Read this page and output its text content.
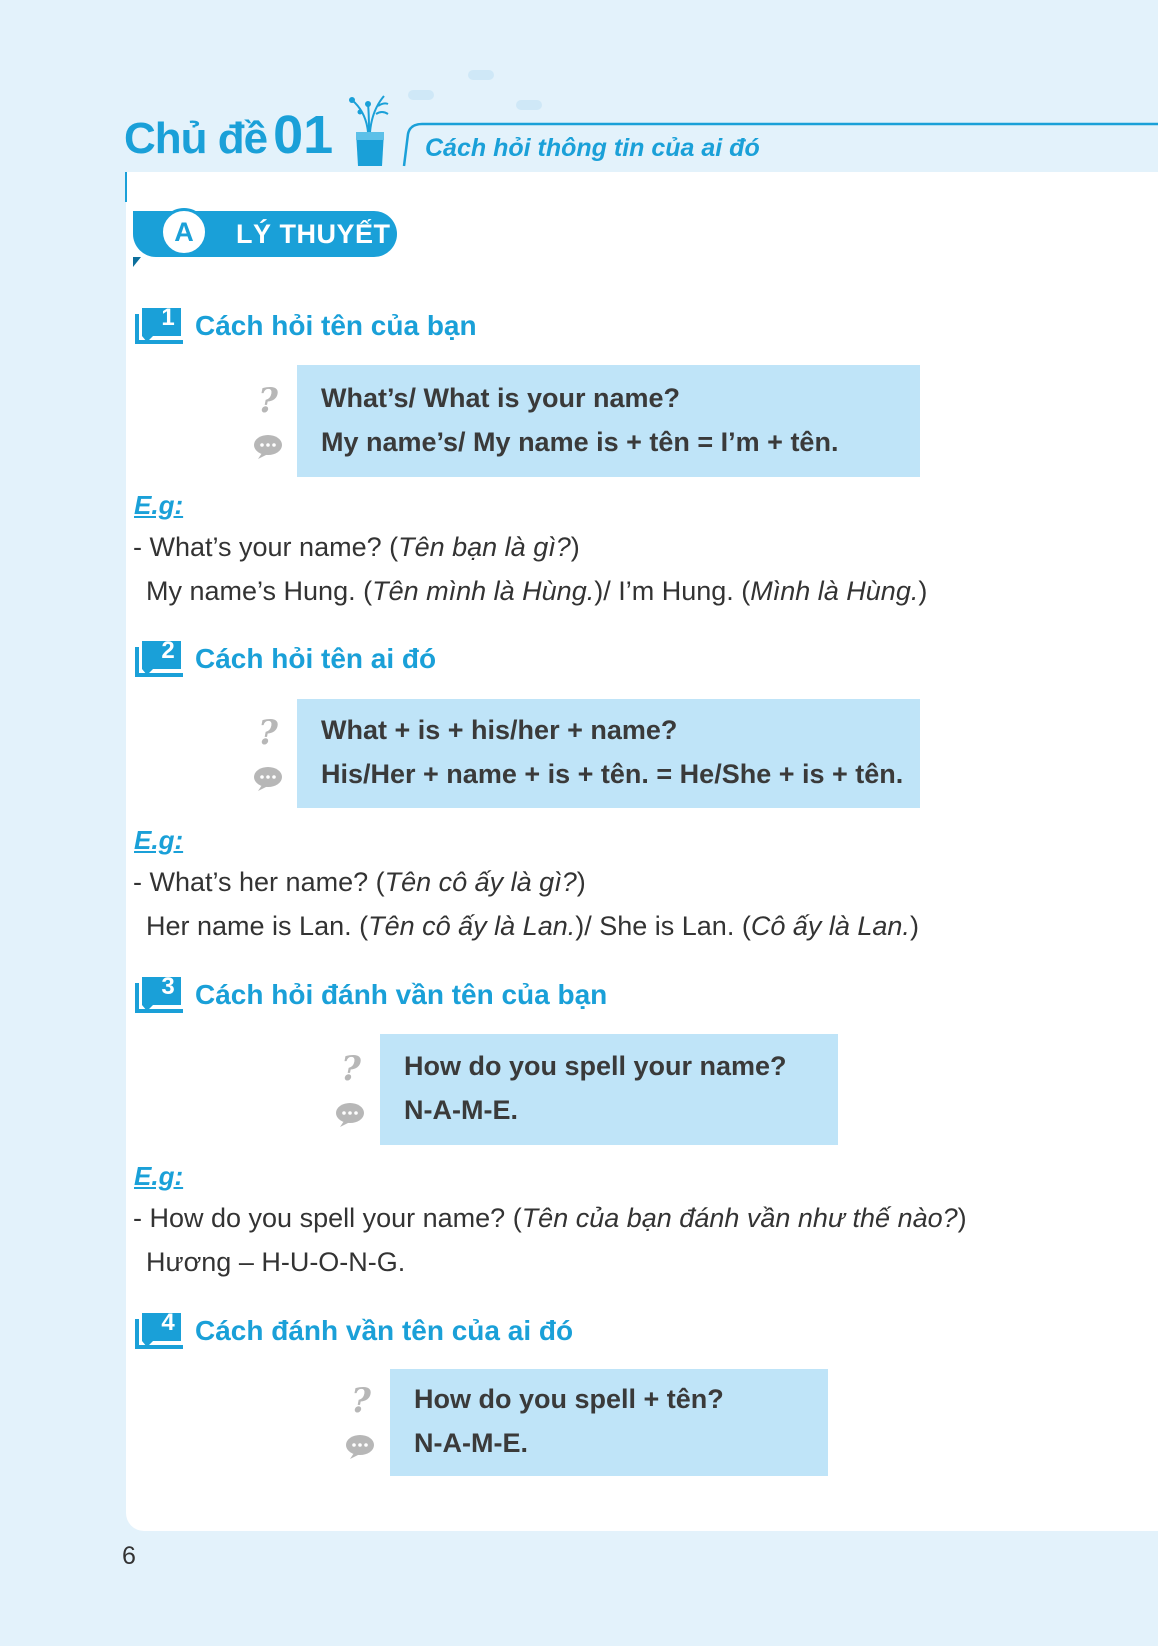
Chủ đề 01	Cách hỏi thông tin của ai đó
A	LÝ THUYẾT
1 Cách hỏi tên của bạn
? What’s/ What is your name?
My name’s/ My name is + tên = I’m + tên.
E.g:
- What’s your name? (Tên bạn là gì?)
My name’s Hung. (Tên mình là Hùng.)/ I’m Hung. (Mình là Hùng.)
2 Cách hỏi tên ai đó
? What + is + his/her + name?
His/Her + name + is + tên. = He/She + is + tên.
E.g:
- What’s her name? (Tên cô ấy là gì?)
Her name is Lan. (Tên cô ấy là Lan.)/ She is Lan. (Cô ấy là Lan.)
3 Cách hỏi đánh vần tên của bạn
? How do you spell your name?
N-A-M-E.
E.g:
- How do you spell your name? (Tên của bạn đánh vần như thế nào?)
Hương – H-U-O-N-G.
4 Cách đánh vần tên của ai đó
? How do you spell + tên?
N-A-M-E.
6
